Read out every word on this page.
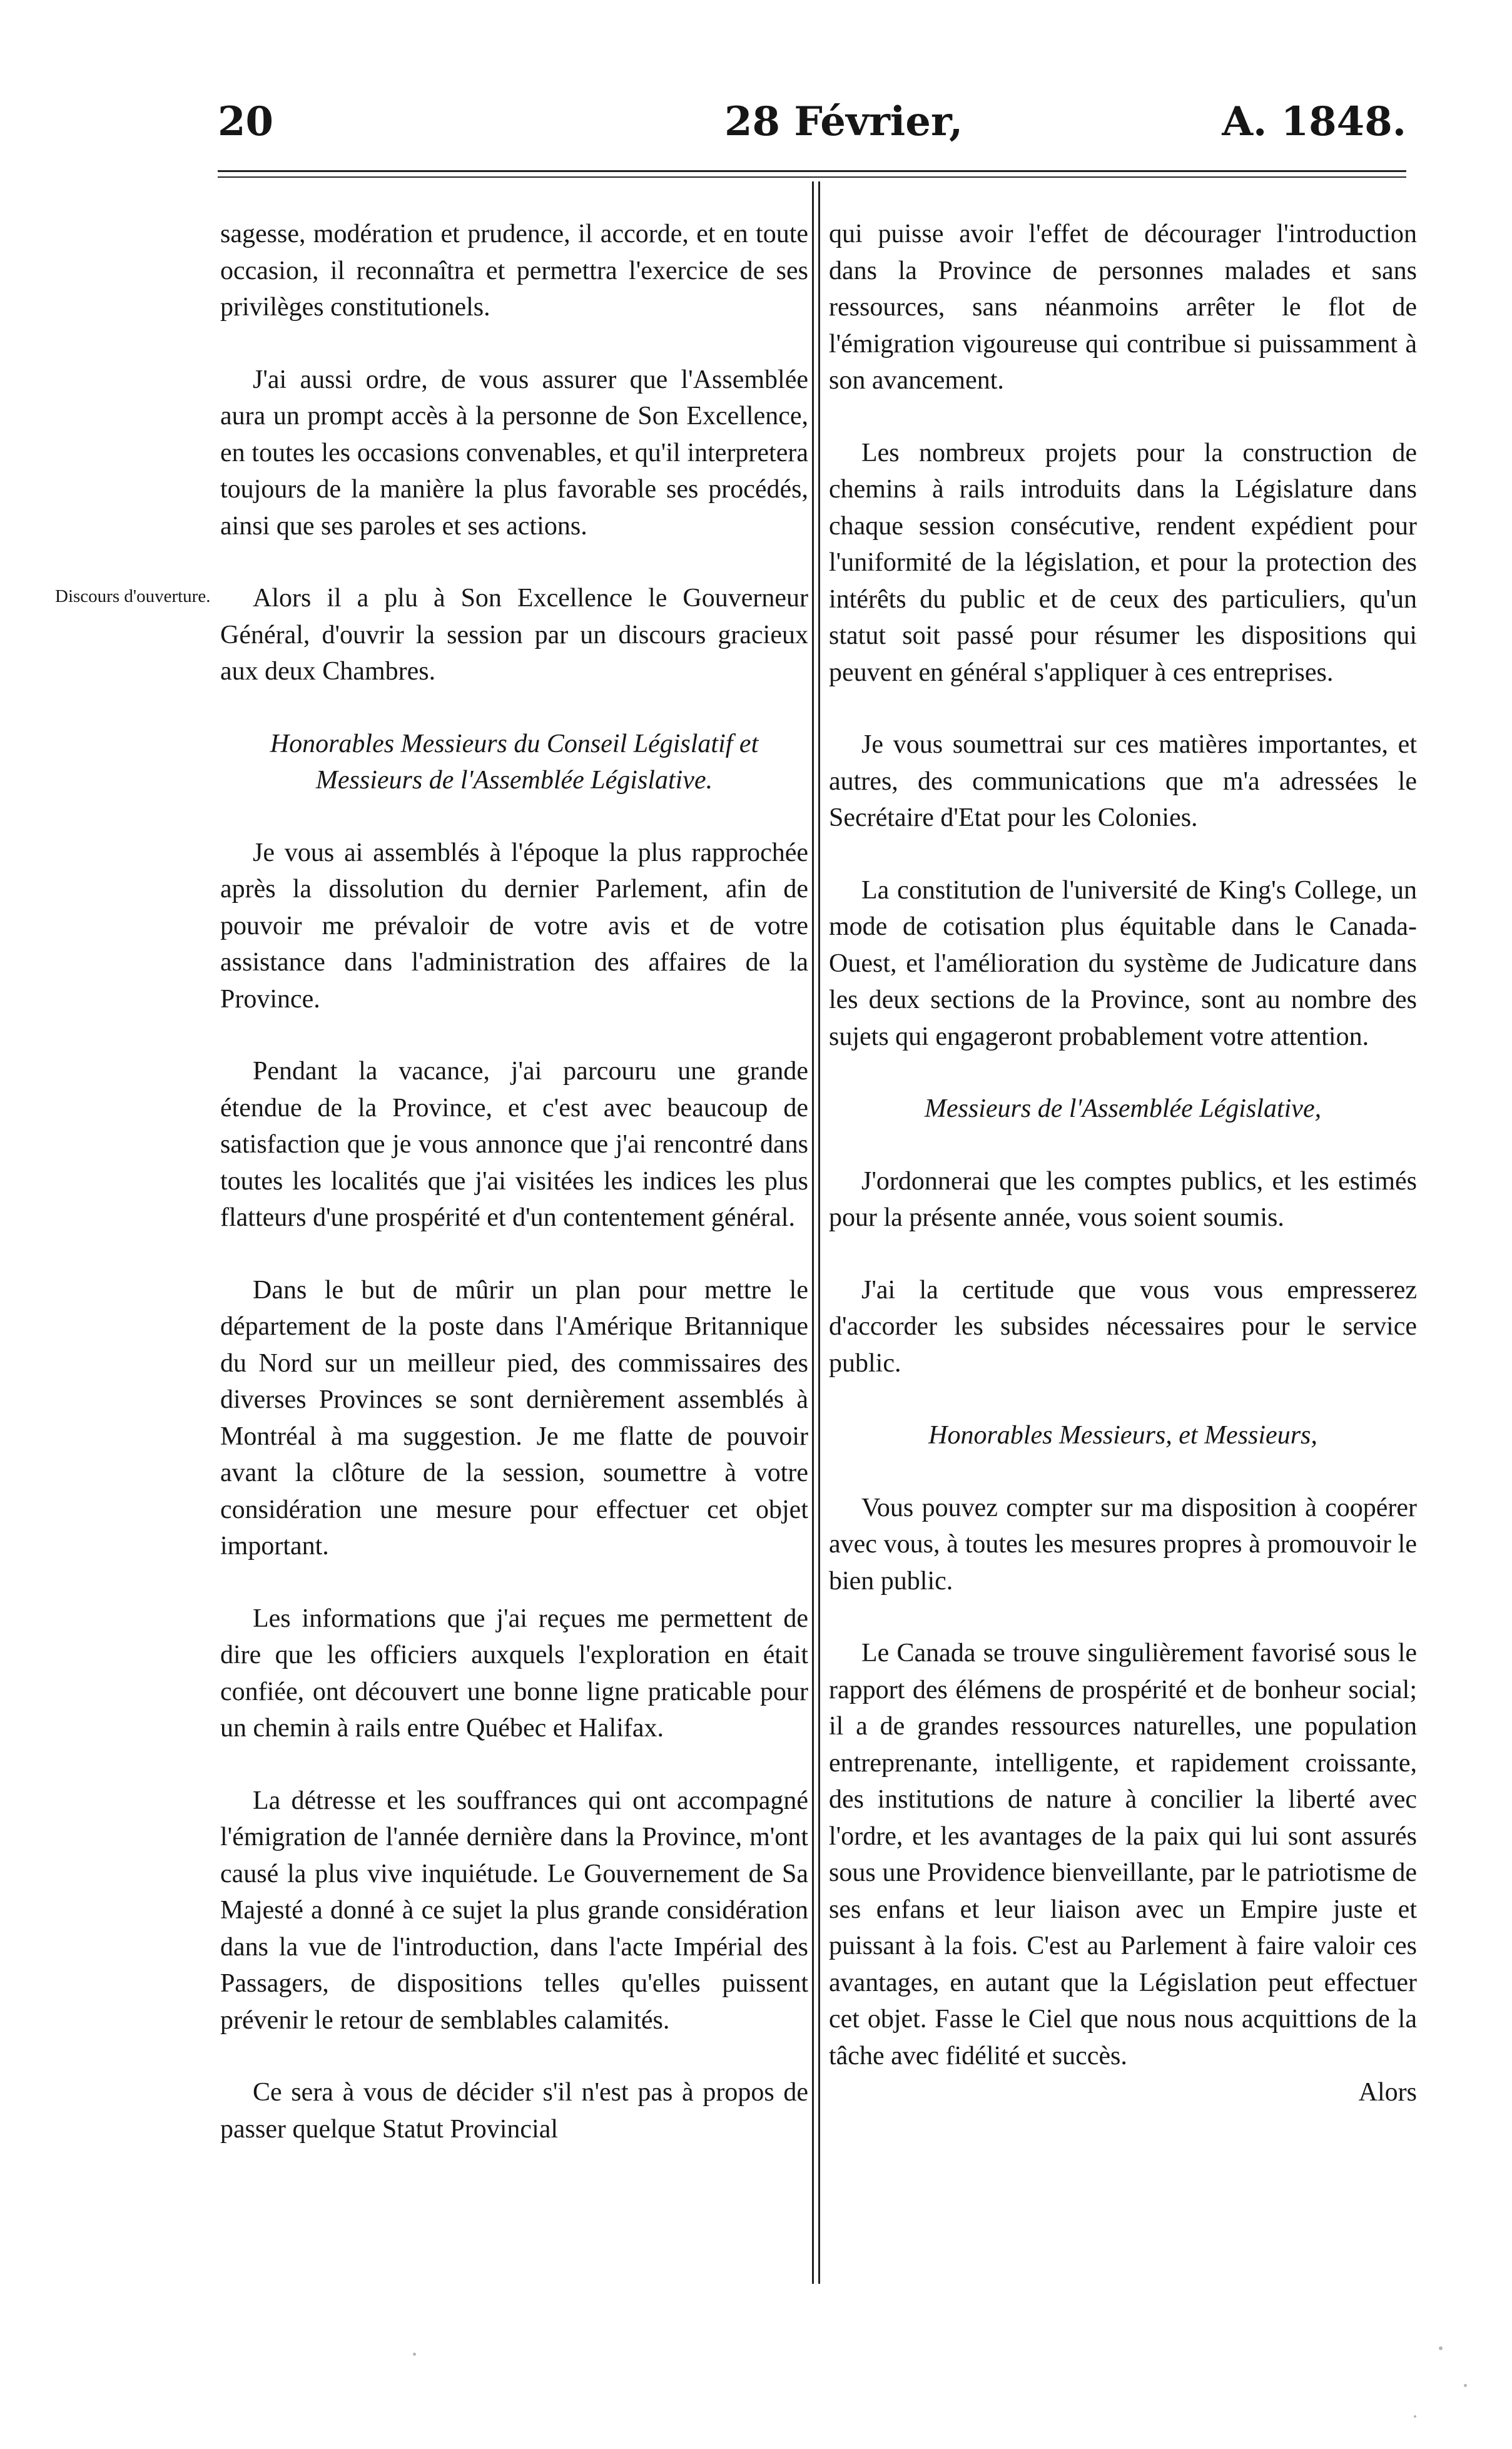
20	28 Février,	A. 1848.
Discours d'ouverture.

sagesse, modération et prudence, il accorde, et en toute occasion, il reconnaîtra et permettra l'exercice de ses privilèges constitutionels.

J'ai aussi ordre, de vous assurer que l'Assemblée aura un prompt accès à la personne de Son Excellence, en toutes les occasions convenables, et qu'il interpretera toujours de la manière la plus favorable ses procédés, ainsi que ses paroles et ses actions.

Alors il a plu à Son Excellence le Gouverneur Général, d'ouvrir la session par un discours gracieux aux deux Chambres.

Honorables Messieurs du Conseil Législatif et Messieurs de l'Assemblée Législative.

Je vous ai assemblés à l'époque la plus rapprochée après la dissolution du dernier Parlement, afin de pouvoir me prévaloir de votre avis et de votre assistance dans l'administration des affaires de la Province.

Pendant la vacance, j'ai parcouru une grande étendue de la Province, et c'est avec beaucoup de satisfaction que je vous annonce que j'ai rencontré dans toutes les localités que j'ai visitées les indices les plus flatteurs d'une prospérité et d'un contentement général.

Dans le but de mûrir un plan pour mettre le département de la poste dans l'Amérique Britannique du Nord sur un meilleur pied, des commissaires des diverses Provinces se sont dernièrement assemblés à Montréal à ma suggestion. Je me flatte de pouvoir avant la clôture de la session, soumettre à votre considération une mesure pour effectuer cet objet important.

Les informations que j'ai reçues me permettent de dire que les officiers auxquels l'exploration en était confiée, ont découvert une bonne ligne praticable pour un chemin à rails entre Québec et Halifax.

La détresse et les souffrances qui ont accompagné l'émigration de l'année dernière dans la Province, m'ont causé la plus vive inquiétude. Le Gouvernement de Sa Majesté a donné à ce sujet la plus grande considération dans la vue de l'introduction, dans l'acte Impérial des Passagers, de dispositions telles qu'elles puissent prévenir le retour de semblables calamités.

Ce sera à vous de décider s'il n'est pas à propos de passer quelque Statut Provincial

qui puisse avoir l'effet de décourager l'introduction dans la Province de personnes malades et sans ressources, sans néanmoins arrêter le flot de l'émigration vigoureuse qui contribue si puissamment à son avancement.

Les nombreux projets pour la construction de chemins à rails introduits dans la Législature dans chaque session consécutive, rendent expédient pour l'uniformité de la législation, et pour la protection des intérêts du public et de ceux des particuliers, qu'un statut soit passé pour résumer les dispositions qui peuvent en général s'appliquer à ces entreprises.

Je vous soumettrai sur ces matières importantes, et autres, des communications que m'a adressées le Secrétaire d'Etat pour les Colonies.

La constitution de l'université de King's College, un mode de cotisation plus équitable dans le Canada-Ouest, et l'amélioration du système de Judicature dans les deux sections de la Province, sont au nombre des sujets qui engageront probablement votre attention.

Messieurs de l'Assemblée Législative,

J'ordonnerai que les comptes publics, et les estimés pour la présente année, vous soient soumis.

J'ai la certitude que vous vous empresserez d'accorder les subsides nécessaires pour le service public.

Honorables Messieurs, et Messieurs,

Vous pouvez compter sur ma disposition à coopérer avec vous, à toutes les mesures propres à promouvoir le bien public.

Le Canada se trouve singulièrement favorisé sous le rapport des élémens de prospérité et de bonheur social; il a de grandes ressources naturelles, une population entreprenante, intelligente, et rapidement croissante, des institutions de nature à concilier la liberté avec l'ordre, et les avantages de la paix qui lui sont assurés sous une Providence bienveillante, par le patriotisme de ses enfans et leur liaison avec un Empire juste et puissant à la fois. C'est au Parlement à faire valoir ces avantages, en autant que la Législation peut effectuer cet objet. Fasse le Ciel que nous nous acquittions de la tâche avec fidélité et succès.

Alors
